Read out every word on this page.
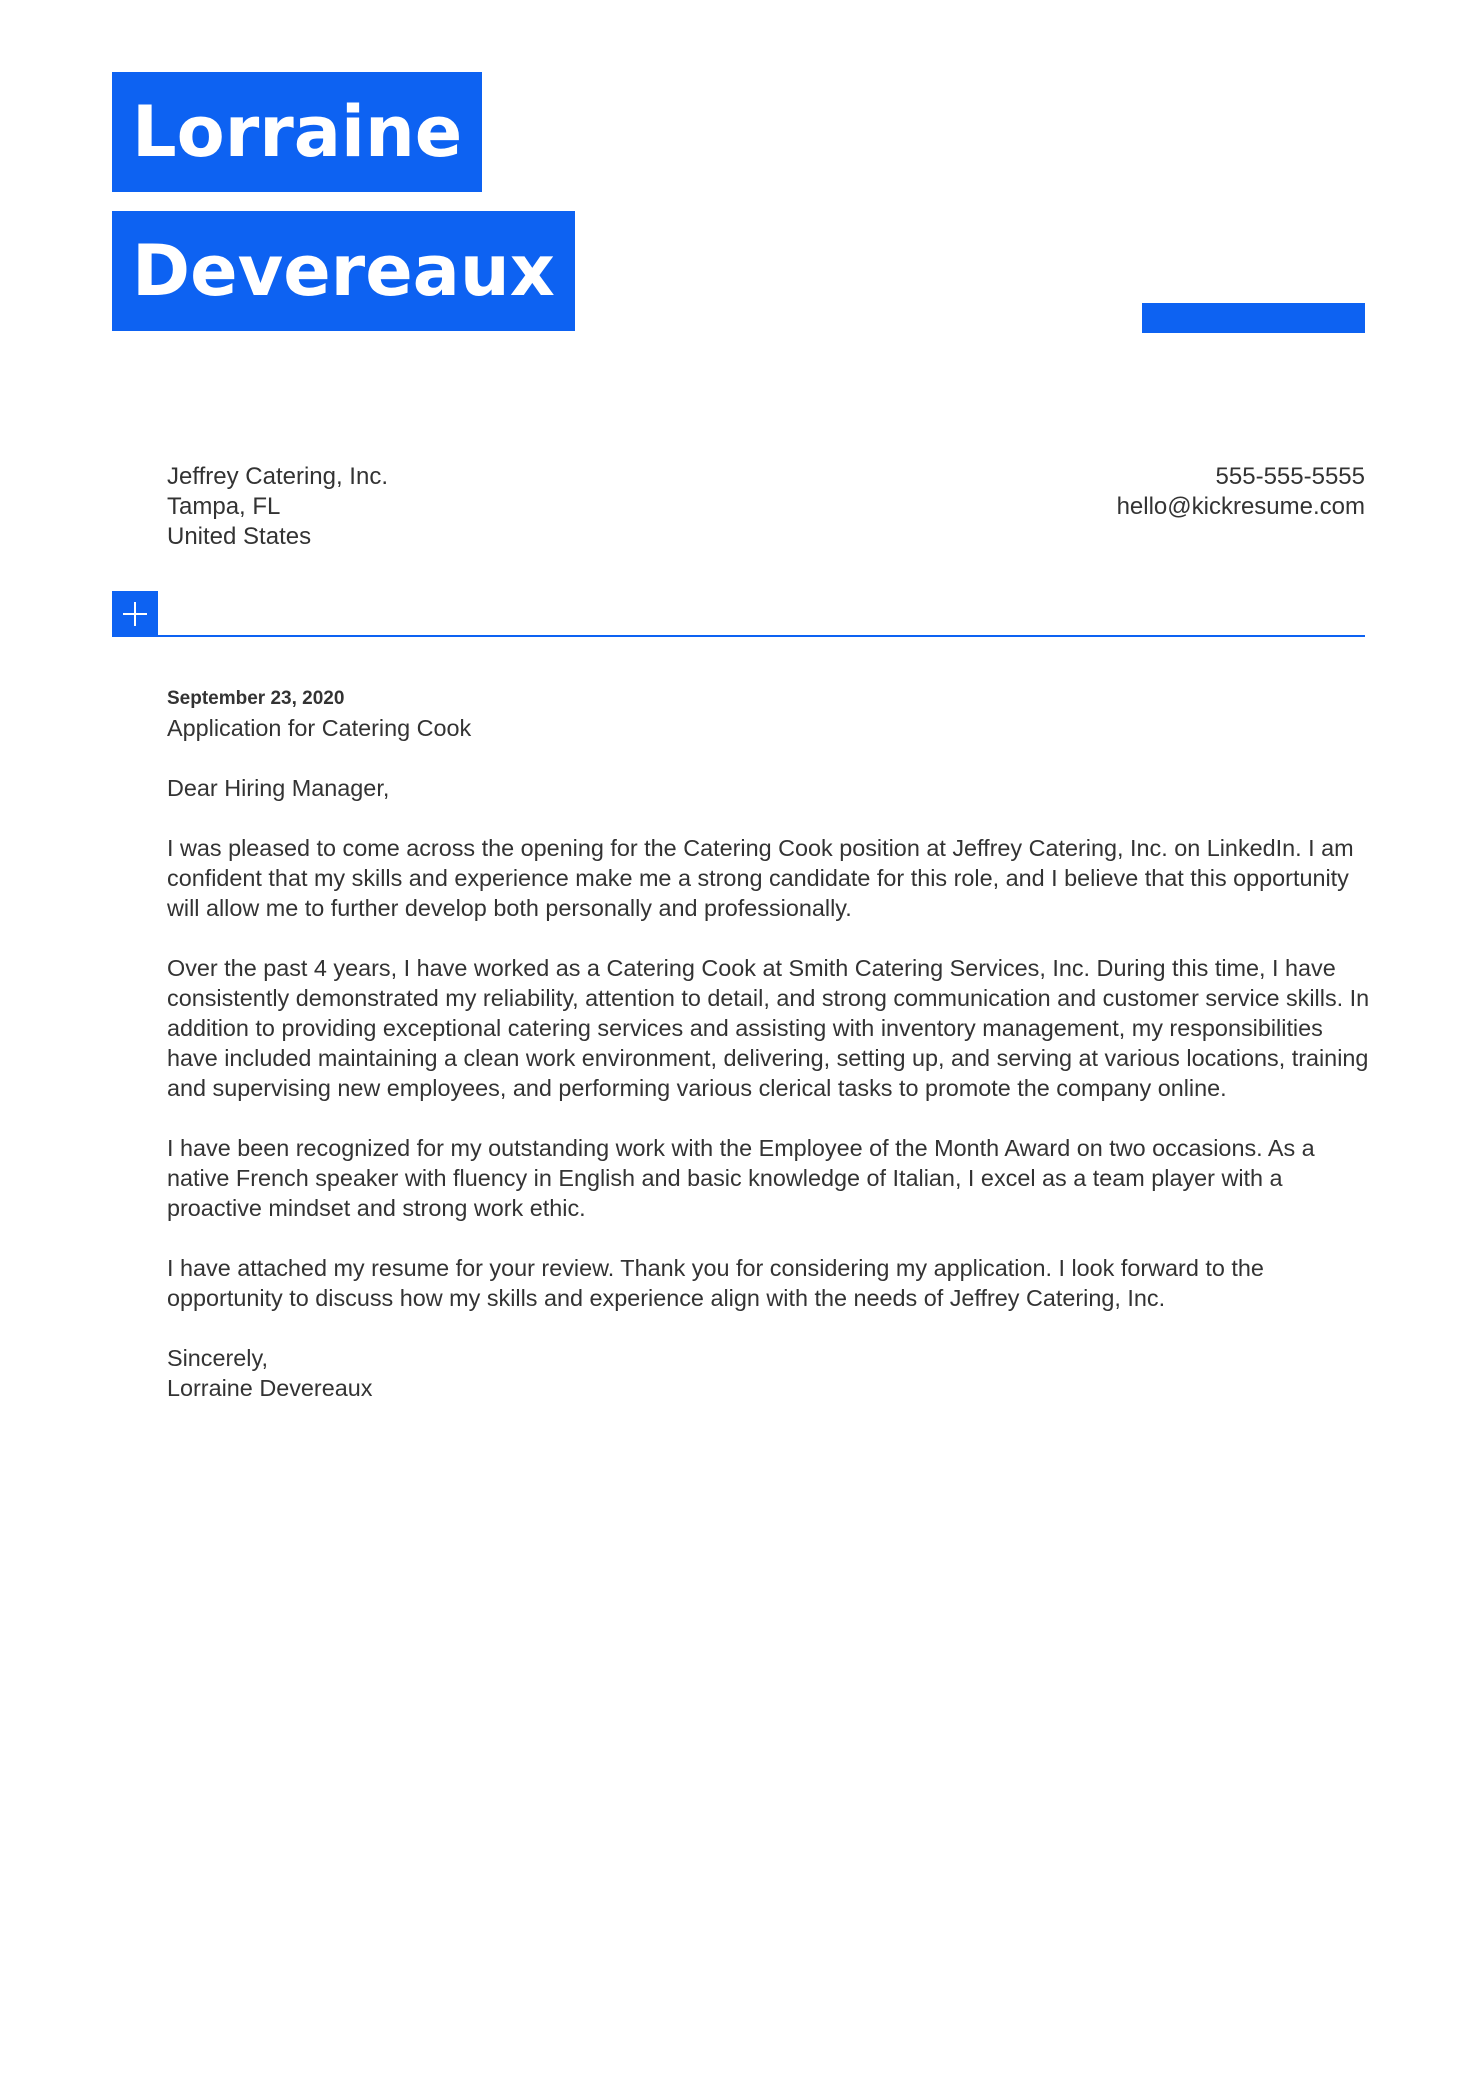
Lorraine
Devereaux
Jeffrey Catering, Inc.
Tampa, FL
United States
555-555-5555
hello@kickresume.com
September 23, 2020
Application for Catering Cook

Dear Hiring Manager,

I was pleased to come across the opening for the Catering Cook position at Jeffrey Catering, Inc. on LinkedIn. I am confident that my skills and experience make me a strong candidate for this role, and I believe that this opportunity will allow me to further develop both personally and professionally.

Over the past 4 years, I have worked as a Catering Cook at Smith Catering Services, Inc. During this time, I have consistently demonstrated my reliability, attention to detail, and strong communication and customer service skills. In addition to providing exceptional catering services and assisting with inventory management, my responsibilities have included maintaining a clean work environment, delivering, setting up, and serving at various locations, training and supervising new employees, and performing various clerical tasks to promote the company online.

I have been recognized for my outstanding work with the Employee of the Month Award on two occasions. As a native French speaker with fluency in English and basic knowledge of Italian, I excel as a team player with a proactive mindset and strong work ethic.

I have attached my resume for your review. Thank you for considering my application. I look forward to the opportunity to discuss how my skills and experience align with the needs of Jeffrey Catering, Inc.

Sincerely,
Lorraine Devereaux
